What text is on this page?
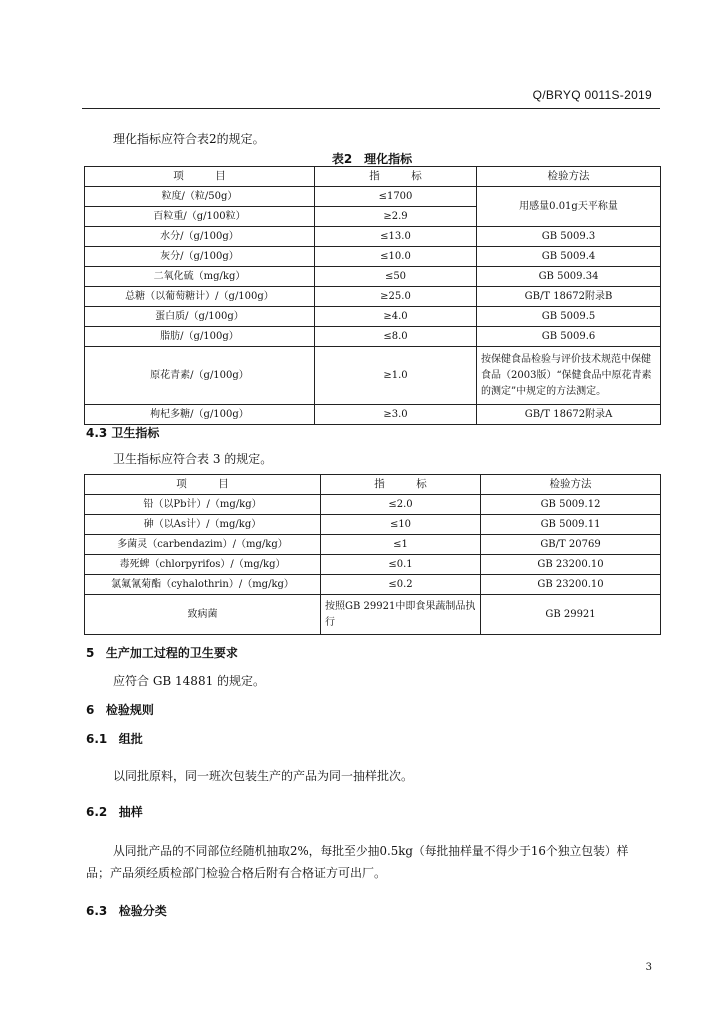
Q/BRYQ 0011S-2019
理化指标应符合表2的规定。
表2　理化指标
项　　　目	指　　　标	检验方法
粒度/（粒/50g）	≤1700	用感量0.01g天平称量
百粒重/（g/100粒）	≥2.9	
水分/（g/100g）	≤13.0	GB 5009.3
灰分/（g/100g）	≤10.0	GB 5009.4
二氧化硫（mg/kg）	≤50	GB 5009.34
总糖（以葡萄糖计）/（g/100g）	≥25.0	GB/T 18672附录B
蛋白质/（g/100g）	≥4.0	GB 5009.5
脂肪/（g/100g）	≤8.0	GB 5009.6
原花青素/（g/100g）	≥1.0	按保健食品检验与评价技术规范中保健食品（2003版）“保健食品中原花青素的测定”中规定的方法测定。
枸杞多糖/（g/100g）	≥3.0	GB/T 18672附录A
4.3 卫生指标
卫生指标应符合表 3 的规定。
项　　　目	指　　　标	检验方法
铅（以Pb计）/（mg/kg）	≤2.0	GB 5009.12
砷（以As计）/（mg/kg）	≤10	GB 5009.11
多菌灵（carbendazim）/（mg/kg）	≤1	GB/T 20769
毒死蜱（chlorpyrifos）/（mg/kg）	≤0.1	GB 23200.10
氯氟氰菊酯（cyhalothrin）/（mg/kg）	≤0.2	GB 23200.10
致病菌	按照GB 29921中即食果蔬制品执行	GB 29921
5 生产加工过程的卫生要求
应符合 GB 14881 的规定。
6 检验规则
6.1 组批
以同批原料，同一班次包装生产的产品为同一抽样批次。
6.2 抽样
从同批产品的不同部位经随机抽取2%，每批至少抽0.5kg（每批抽样量不得少于16个独立包装）样
品；产品须经质检部门检验合格后附有合格证方可出厂。
6.3 检验分类
3
